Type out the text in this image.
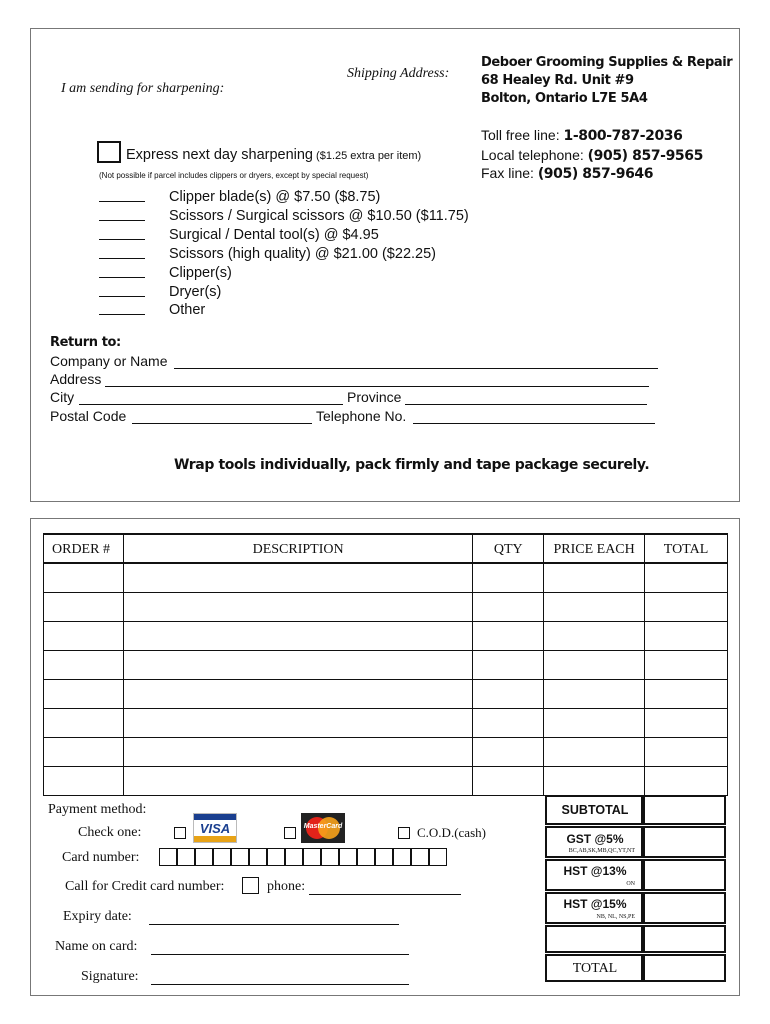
I am sending for sharpening:
Shipping Address:
Deboer Grooming Supplies & Repair
68 Healey Rd. Unit #9
Bolton, Ontario L7E 5A4
Toll free line: 1-800-787-2036
Local telephone: (905) 857-9565
Fax line: (905) 857-9646
Express next day sharpening ($1.25 extra per item)
(Not possible if parcel includes clippers or dryers, except by special request)
Clipper blade(s) @ $7.50 ($8.75)
Scissors / Surgical scissors @ $10.50 ($11.75)
Surgical / Dental tool(s) @ $4.95
Scissors (high quality) @ $21.00 ($22.25)
Clipper(s)
Dryer(s)
Other
Return to:
Company or Name
Address
City	Province
Postal Code	Telephone No.
Wrap tools individually, pack firmly and tape package securely.
ORDER #	DESCRIPTION	QTY	PRICE EACH	TOTAL

Payment method:
Check one:	VISA	MasterCard	C.O.D.(cash)
Card number:
Call for Credit card number:	phone:
Expiry date:
Name on card:
Signature:
SUBTOTAL
GST @5%
BC,AB,SK,MB,QC,YT,NT
HST @13%
ON
HST @15%
NB, NL, NS,PE
TOTAL
